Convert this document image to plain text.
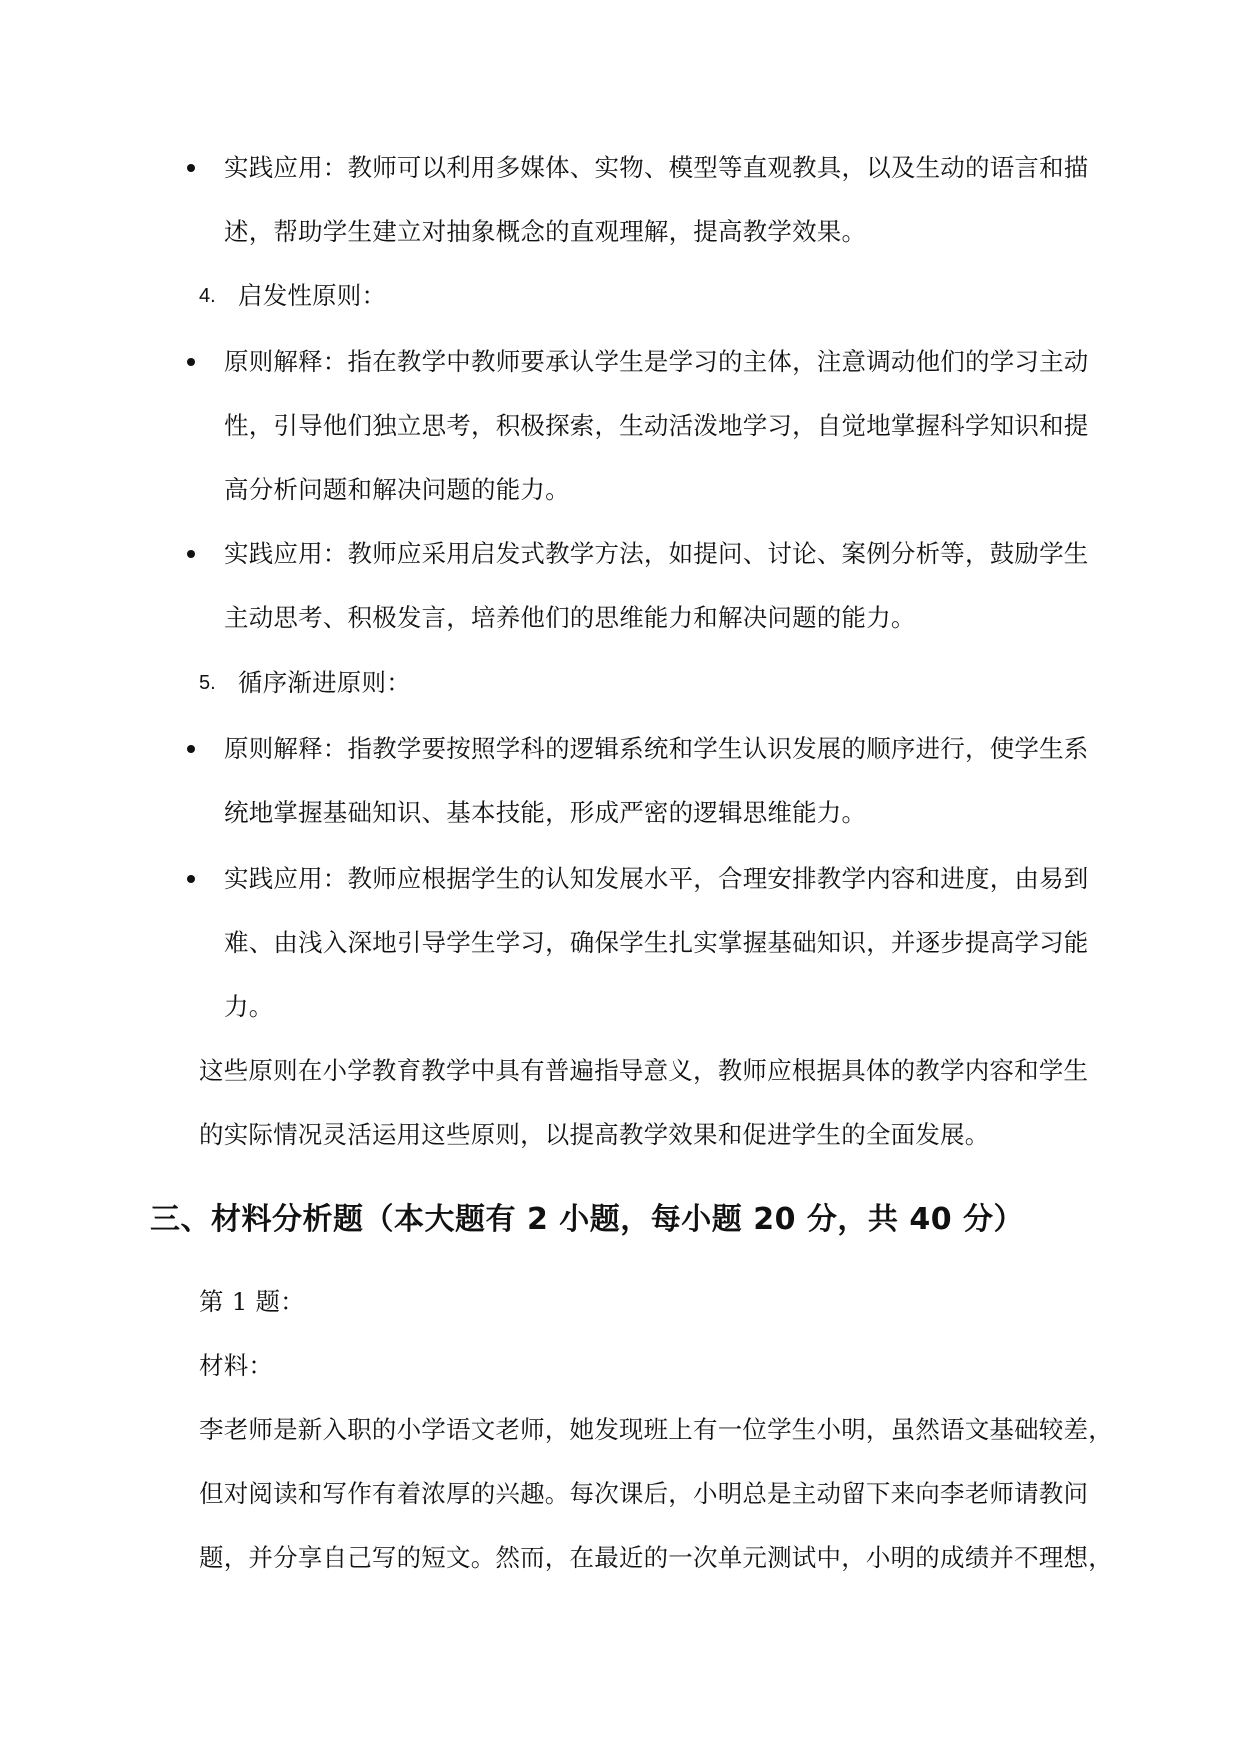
实践应用：教师可以利用多媒体、实物、模型等直观教具，以及生动的语言和描
述，帮助学生建立对抽象概念的直观理解，提高教学效果。
4. 启发性原则：
原则解释：指在教学中教师要承认学生是学习的主体，注意调动他们的学习主动
性，引导他们独立思考，积极探索，生动活泼地学习，自觉地掌握科学知识和提
高分析问题和解决问题的能力。
实践应用：教师应采用启发式教学方法，如提问、讨论、案例分析等，鼓励学生
主动思考、积极发言，培养他们的思维能力和解决问题的能力。
5. 循序渐进原则：
原则解释：指教学要按照学科的逻辑系统和学生认识发展的顺序进行，使学生系
统地掌握基础知识、基本技能，形成严密的逻辑思维能力。
实践应用：教师应根据学生的认知发展水平，合理安排教学内容和进度，由易到
难、由浅入深地引导学生学习，确保学生扎实掌握基础知识，并逐步提高学习能
力。
这些原则在小学教育教学中具有普遍指导意义，教师应根据具体的教学内容和学生
的实际情况灵活运用这些原则，以提高教学效果和促进学生的全面发展。
三、材料分析题（本大题有 2 小题，每小题 20 分，共 40 分）
第 1 题：
材料：
李老师是新入职的小学语文老师，她发现班上有一位学生小明，虽然语文基础较差，
但对阅读和写作有着浓厚的兴趣。每次课后，小明总是主动留下来向李老师请教问
题，并分享自己写的短文。然而，在最近的一次单元测试中，小明的成绩并不理想，
